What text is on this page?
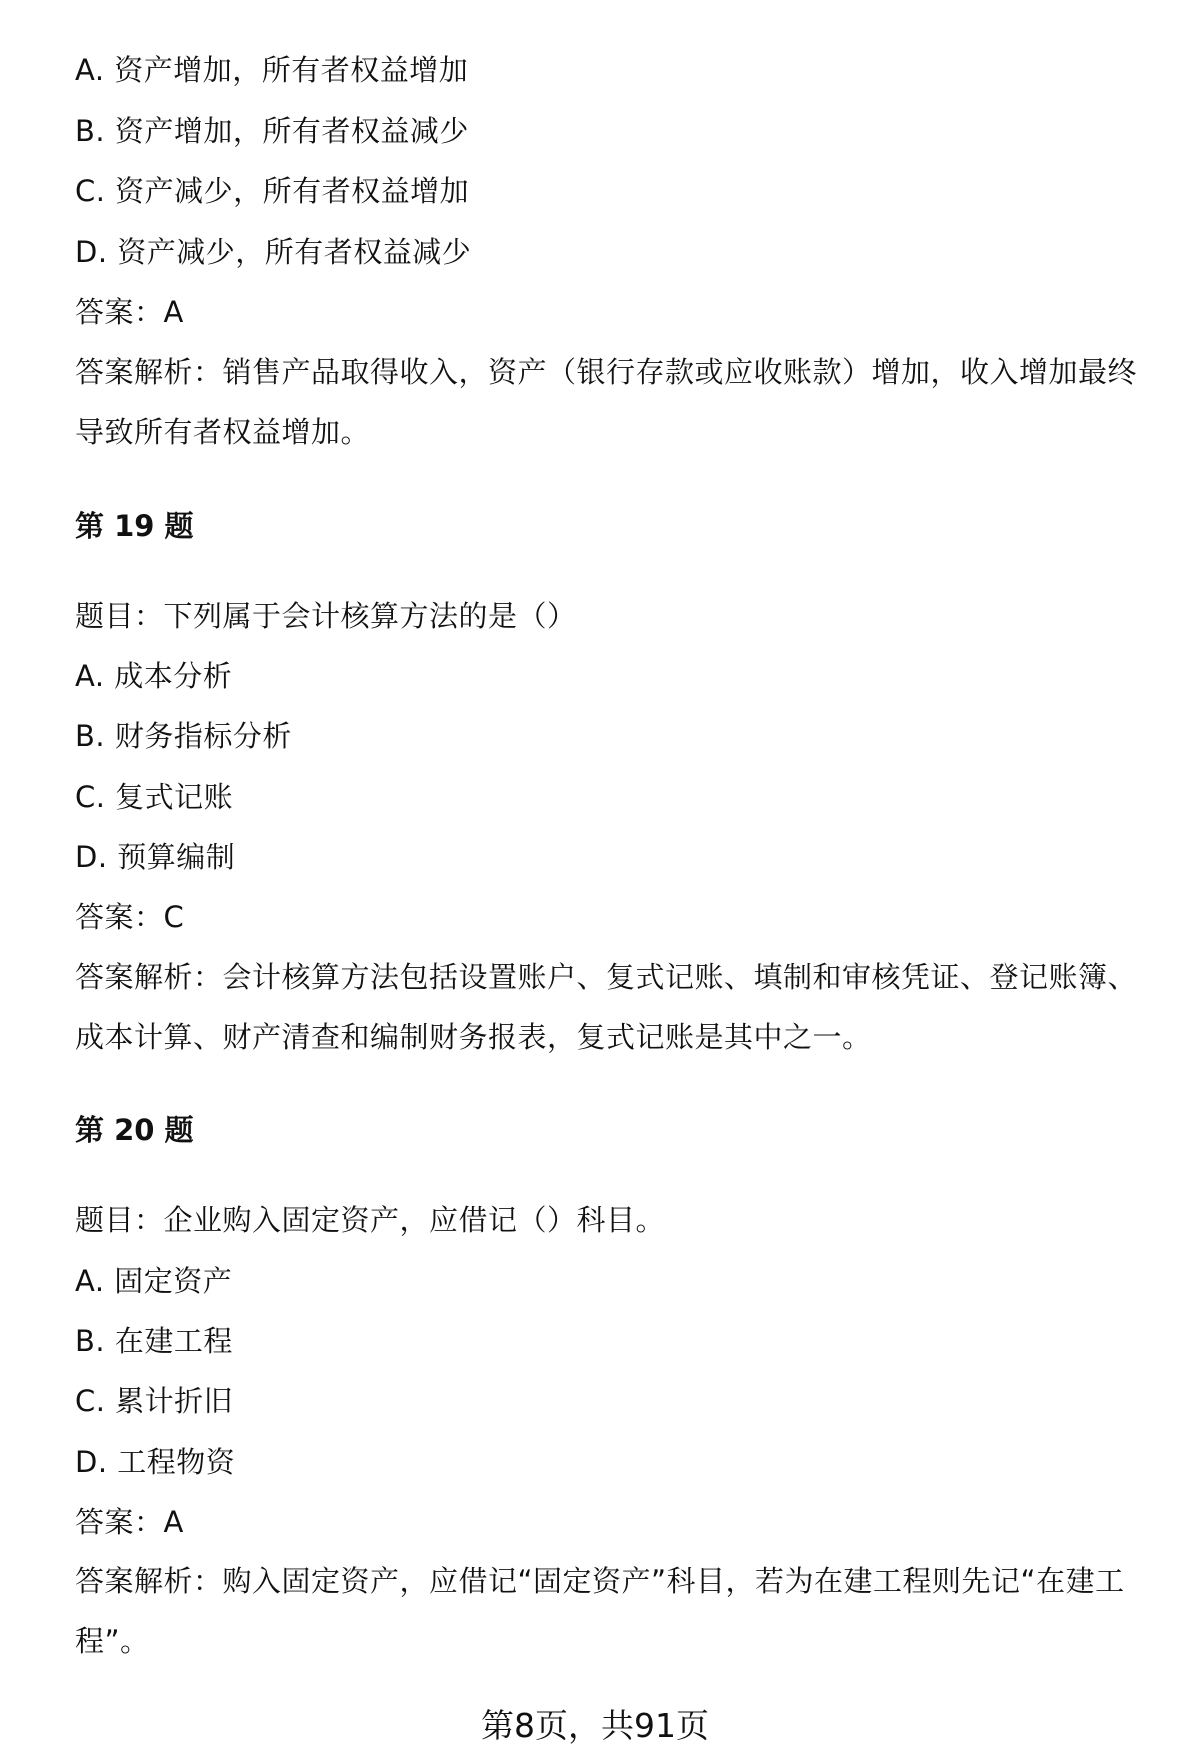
A. 资产增加，所有者权益增加
B. 资产增加，所有者权益减少
C. 资产减少，所有者权益增加
D. 资产减少，所有者权益减少
答案：A
答案解析：销售产品取得收入，资产（银行存款或应收账款）增加，收入增加最终导致所有者权益增加。
第 19 题
题目：下列属于会计核算方法的是（）
A. 成本分析
B. 财务指标分析
C. 复式记账
D. 预算编制
答案：C
答案解析：会计核算方法包括设置账户、复式记账、填制和审核凭证、登记账簿、成本计算、财产清查和编制财务报表，复式记账是其中之一。
第 20 题
题目：企业购入固定资产，应借记（）科目。
A. 固定资产
B. 在建工程
C. 累计折旧
D. 工程物资
答案：A
答案解析：购入固定资产，应借记“固定资产”科目，若为在建工程则先记“在建工程”。
第8页，共91页
